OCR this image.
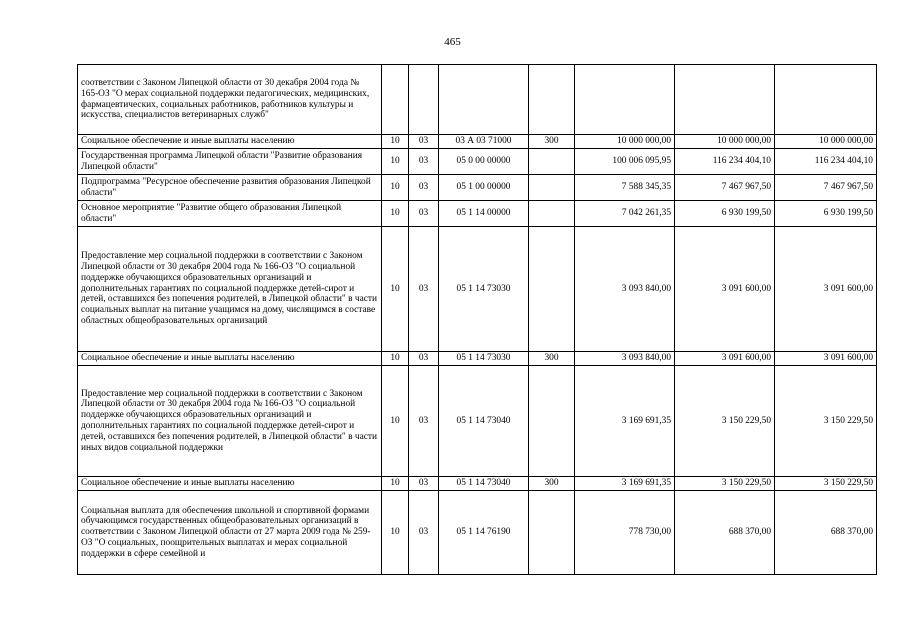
465
соответствии с Законом Липецкой области от 30 декабря 2004 года № 165-ОЗ "О мерах социальной поддержки педагогических, медицинских, фармацевтических, социальных работников, работников культуры и искусства, специалистов ветеринарных служб"							
Социальное обеспечение и иные выплаты населению	10	03	03 А 03 71000	300	10 000 000,00	10 000 000,00	10 000 000,00
Государственная программа Липецкой области "Развитие образования Липецкой области"	10	03	05 0 00 00000		100 006 095,95	116 234 404,10	116 234 404,10
Подпрограмма "Ресурсное обеспечение развития образования Липецкой области"	10	03	05 1 00 00000		7 588 345,35	7 467 967,50	7 467 967,50
Основное мероприятие "Развитие общего образования Липецкой области"	10	03	05 1 14 00000		7 042 261,35	6 930 199,50	6 930 199,50
Предоставление мер социальной поддержки в соответствии с Законом Липецкой области от 30 декабря 2004 года № 166-ОЗ "О социальной поддержке обучающихся образовательных организаций и дополнительных гарантиях по социальной поддержке детей-сирот и детей, оставшихся без попечения родителей, в Липецкой области" в части социальных выплат на питание учащимся на дому, числящимся в составе областных общеобразовательных организаций	10	03	05 1 14 73030		3 093 840,00	3 091 600,00	3 091 600,00
Социальное обеспечение и иные выплаты населению	10	03	05 1 14 73030	300	3 093 840,00	3 091 600,00	3 091 600,00
Предоставление мер социальной поддержки в соответствии с Законом Липецкой области от 30 декабря 2004 года № 166-ОЗ "О социальной поддержке обучающихся образовательных организаций и дополнительных гарантиях по социальной поддержке детей-сирот и детей, оставшихся без попечения родителей, в Липецкой области" в части иных видов социальной поддержки	10	03	05 1 14 73040		3 169 691,35	3 150 229,50	3 150 229,50
Социальное обеспечение и иные выплаты населению	10	03	05 1 14 73040	300	3 169 691,35	3 150 229,50	3 150 229,50
Социальная выплата для обеспечения школьной и спортивной формами обучающимся государственных общеобразовательных организаций в соответствии с Законом Липецкой области от 27 марта 2009 года № 259-ОЗ "О социальных, поощрительных выплатах и мерах социальной поддержки в сфере семейной и	10	03	05 1 14 76190		778 730,00	688 370,00	688 370,00
